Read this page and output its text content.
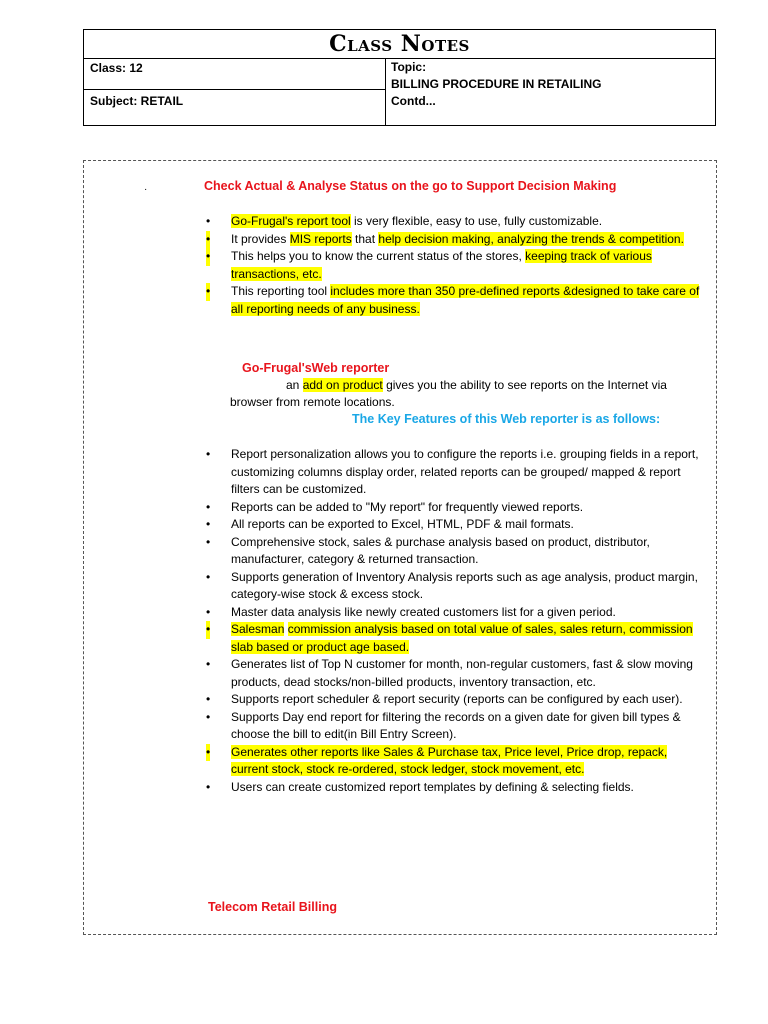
Class Notes
Class: 12
Subject: RETAIL
Topic:
BILLING PROCEDURE IN RETAILING
Contd...
·	Check Actual & Analyse Status on the go to Support Decision Making
• Go-Frugal's report tool is very flexible, easy to use, fully customizable.
• It provides MIS reports that help decision making, analyzing the trends & competition.
• This helps you to know the current status of the stores, keeping track of various transactions, etc.
• This reporting tool includes more than 350 pre-defined reports &designed to take care of all reporting needs of any business.
Go-Frugal'sWeb reporter
an add on product gives you the ability to see reports on the Internet via
browser from remote locations.
The Key Features of this Web reporter is as follows:
• Report personalization allows you to configure the reports i.e. grouping fields in a report, customizing columns display order, related reports can be grouped/ mapped & report filters can be customized.
• Reports can be added to "My report" for frequently viewed reports.
• All reports can be exported to Excel, HTML, PDF & mail formats.
• Comprehensive stock, sales & purchase analysis based on product, distributor, manufacturer, category & returned transaction.
• Supports generation of Inventory Analysis reports such as age analysis, product margin, category-wise stock & excess stock.
• Master data analysis like newly created customers list for a given period.
• Salesman commission analysis based on total value of sales, sales return, commission slab based or product age based.
• Generates list of Top N customer for month, non-regular customers, fast & slow moving products, dead stocks/non-billed products, inventory transaction, etc.
• Supports report scheduler & report security (reports can be configured by each user).
• Supports Day end report for filtering the records on a given date for given bill types & choose the bill to edit(in Bill Entry Screen).
• Generates other reports like Sales & Purchase tax, Price level, Price drop, repack, current stock, stock re-ordered, stock ledger, stock movement, etc.
• Users can create customized report templates by defining & selecting fields.
Telecom Retail Billing
